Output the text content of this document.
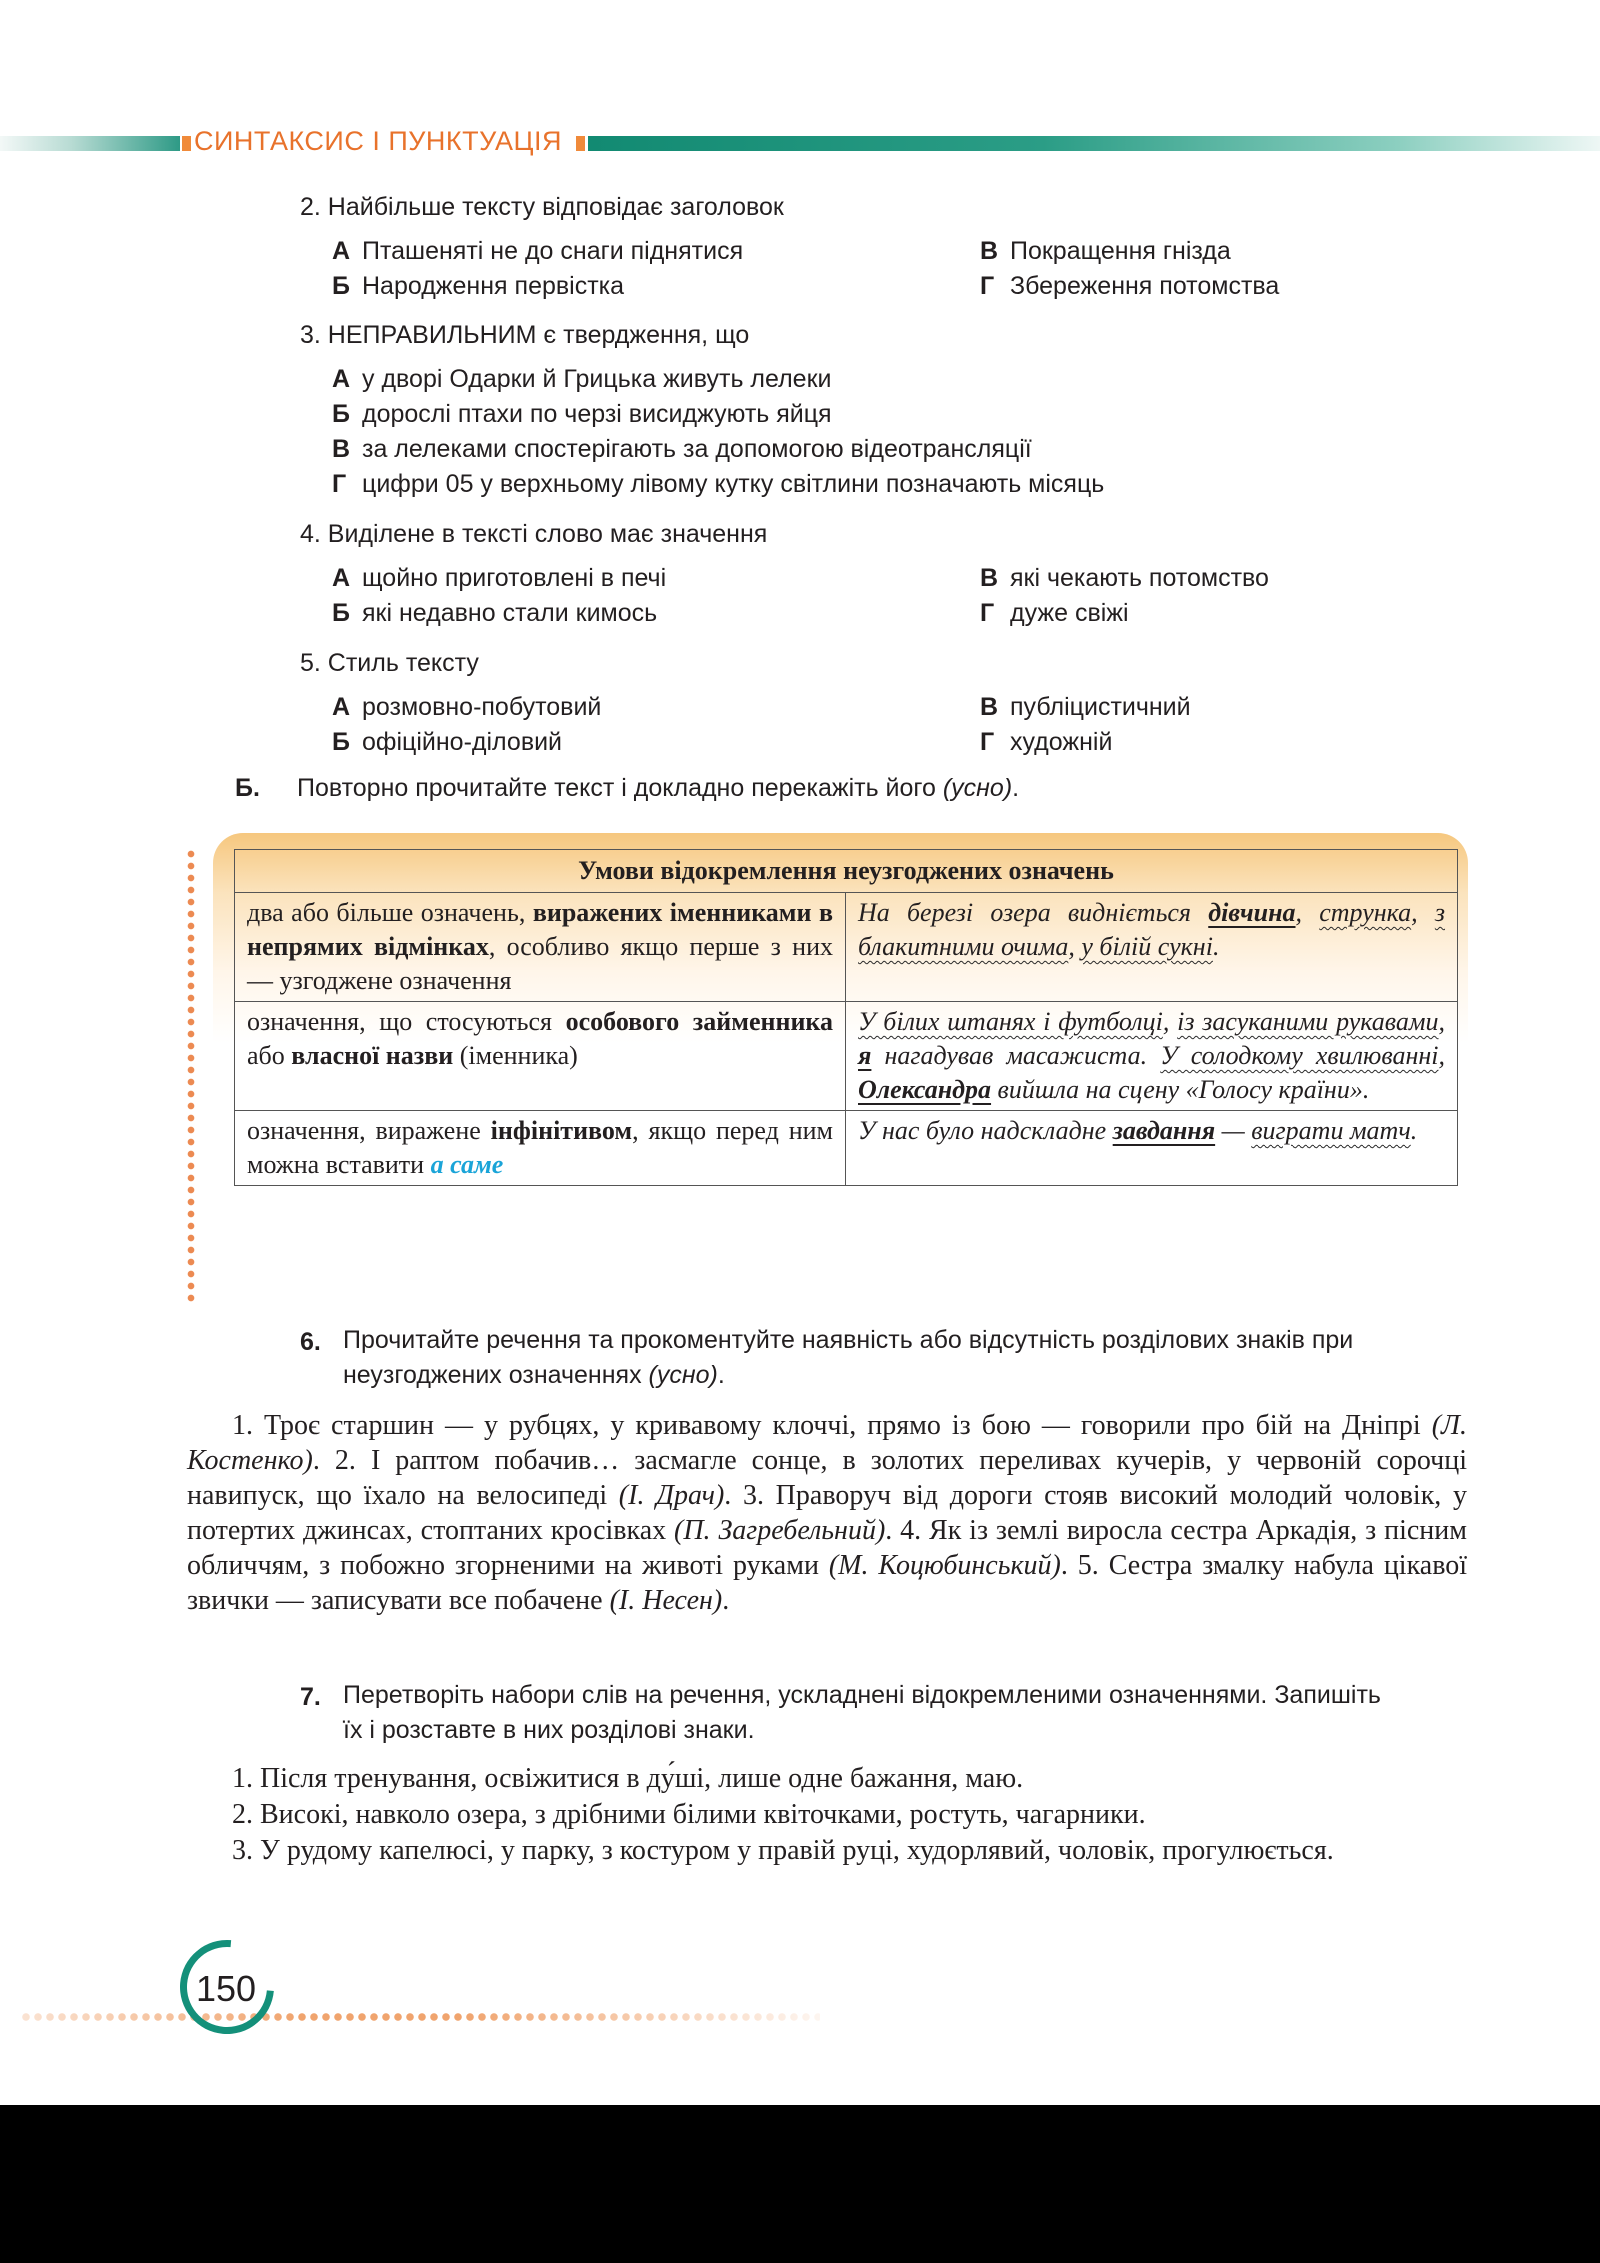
СИНТАКСИС І ПУНКТУАЦІЯ
2. Найбільше тексту відповідає заголовок
А Пташеняті не до снаги піднятися
Б Народження первістка
В Покращення гнізда
Г Збереження потомства
3. НЕПРАВИЛЬНИМ є твердження, що
А у дворі Одарки й Грицька живуть лелеки
Б дорослі птахи по черзі висиджують яйця
В за лелеками спостерігають за допомогою відеотрансляції
Г цифри 05 у верхньому лівому кутку світлини позначають місяць
4. Виділене в тексті слово має значення
А щойно приготовлені в печі
Б які недавно стали кимось
В які чекають потомство
Г дуже свіжі
5. Стиль тексту
А розмовно-побутовий
Б офіційно-діловий
В публіцистичний
Г художній
Б. Повторно прочитайте текст і докладно перекажіть його (усно).
Умови відокремлення неузгоджених означень	
два або більше означень, виражених іменниками в непрямих відмінках, особливо якщо перше з них — узгоджене означення	На березі озера видніється дівчина, струнка, з блакитними очима, у білій сукні.
означення, що стосуються особового займенника або власної назви (іменника)	У білих штанях і футболці, із засуканими рукавами, я нагадував масажиста. У солодкому хвилюванні, Олександра вийшла на сцену «Голосу країни».
означення, виражене інфінітивом, якщо перед ним можна вставити а саме	У нас було надскладне завдання — виграти матч.
6. Прочитайте речення та прокоментуйте наявність або відсутність розділових знаків при неузгоджених означеннях (усно).
1. Троє старшин — у рубцях, у кривавому клоччі, прямо із бою — говорили про бій на Дніпрі (Л. Костенко). 2. І раптом побачив… засмагле сонце, в золотих переливах кучерів, у червоній сорочці навипуск, що їхало на велосипеді (І. Драч). 3. Праворуч від дороги стояв високий молодий чоловік, у потертих джинсах, стоптаних кросівках (П. Загребельний). 4. Як із землі виросла сестра Аркадія, з пісним обличчям, з побожно згорненими на животі руками (М. Коцюбинський). 5. Сестра змалку набула цікавої звички — записувати все побачене (І. Несен).
7. Перетворіть набори слів на речення, ускладнені відокремленими означеннями. Запишіть їх і розставте в них розділові знаки.
1. Після тренування, освіжитися в ду́ші, лише одне бажання, маю.
2. Високі, навколо озера, з дрібними білими квіточками, ростуть, чагарники.
3. У рудому капелюсі, у парку, з костуром у правій руці, худорлявий, чоловік, прогулюється.
150
